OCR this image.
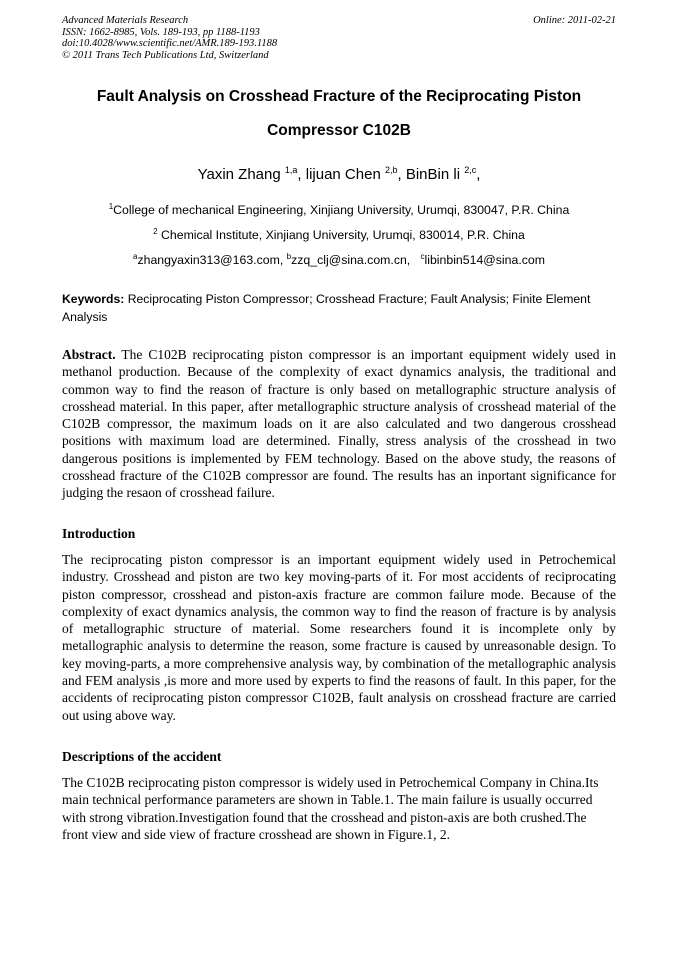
Advanced Materials Research
ISSN: 1662-8985, Vols. 189-193, pp 1188-1193
doi:10.4028/www.scientific.net/AMR.189-193.1188
© 2011 Trans Tech Publications Ltd, Switzerland
Online: 2011-02-21
Fault Analysis on Crosshead Fracture of the Reciprocating Piston
Compressor C102B
Yaxin Zhang $^{1,a}$, lijuan Chen $^{2,b}$, BinBin li $^{2,c}$,
$^1$College of mechanical Engineering, Xinjiang University, Urumqi, 830047, P.R. China
$^2$ Chemical Institute, Xinjiang University, Urumqi, 830014, P.R. China
$^a$zhangyaxin313@163.com, $^b$zzq_clj@sina.com.cn,   $^c$libinbin514@sina.com
Keywords: Reciprocating Piston Compressor; Crosshead Fracture; Fault Analysis; Finite Element Analysis
Abstract. The C102B reciprocating piston compressor is an important equipment widely used in methanol production. Because of the complexity of exact dynamics analysis, the traditional and common way to find the reason of fracture is only based on metallographic structure analysis of crosshead material. In this paper, after metallographic structure analysis of crosshead material of the C102B compressor, the maximum loads on it are also calculated and two dangerous crosshead positions with maximum load are determined. Finally, stress analysis of the crosshead in two dangerous positions is implemented by FEM technology. Based on the above study, the reasons of crosshead fracture of the C102B compressor are found. The results has an inportant significance for judging the resaon of crosshead failure.
Introduction
The reciprocating piston compressor is an important equipment widely used in Petrochemical industry. Crosshead and piston are two key moving-parts of it. For most accidents of reciprocating piston compressor, crosshead and piston-axis fracture are common failure mode. Because of the complexity of exact dynamics analysis, the common way to find the reason of fracture is by analysis of metallographic structure of material. Some researchers found it is incomplete only by metallographic analysis to determine the reason, some fracture is caused by unreasonable design. To key moving-parts, a more comprehensive analysis way, by combination of the metallographic analysis and FEM analysis ,is more and more used by experts to find the reasons of fault. In this paper, for the accidents of reciprocating piston compressor C102B, fault analysis on crosshead fracture are carried out using above way.
Descriptions of the accident
The C102B reciprocating piston compressor is widely used in Petrochemical Company in China.Its
main technical performance parameters are shown in Table.1. The main failure is usually occurred
with strong vibration.Investigation found that the crosshead and piston-axis are both crushed.The
front view and side view of fracture crosshead are shown in Figure.1, 2.
